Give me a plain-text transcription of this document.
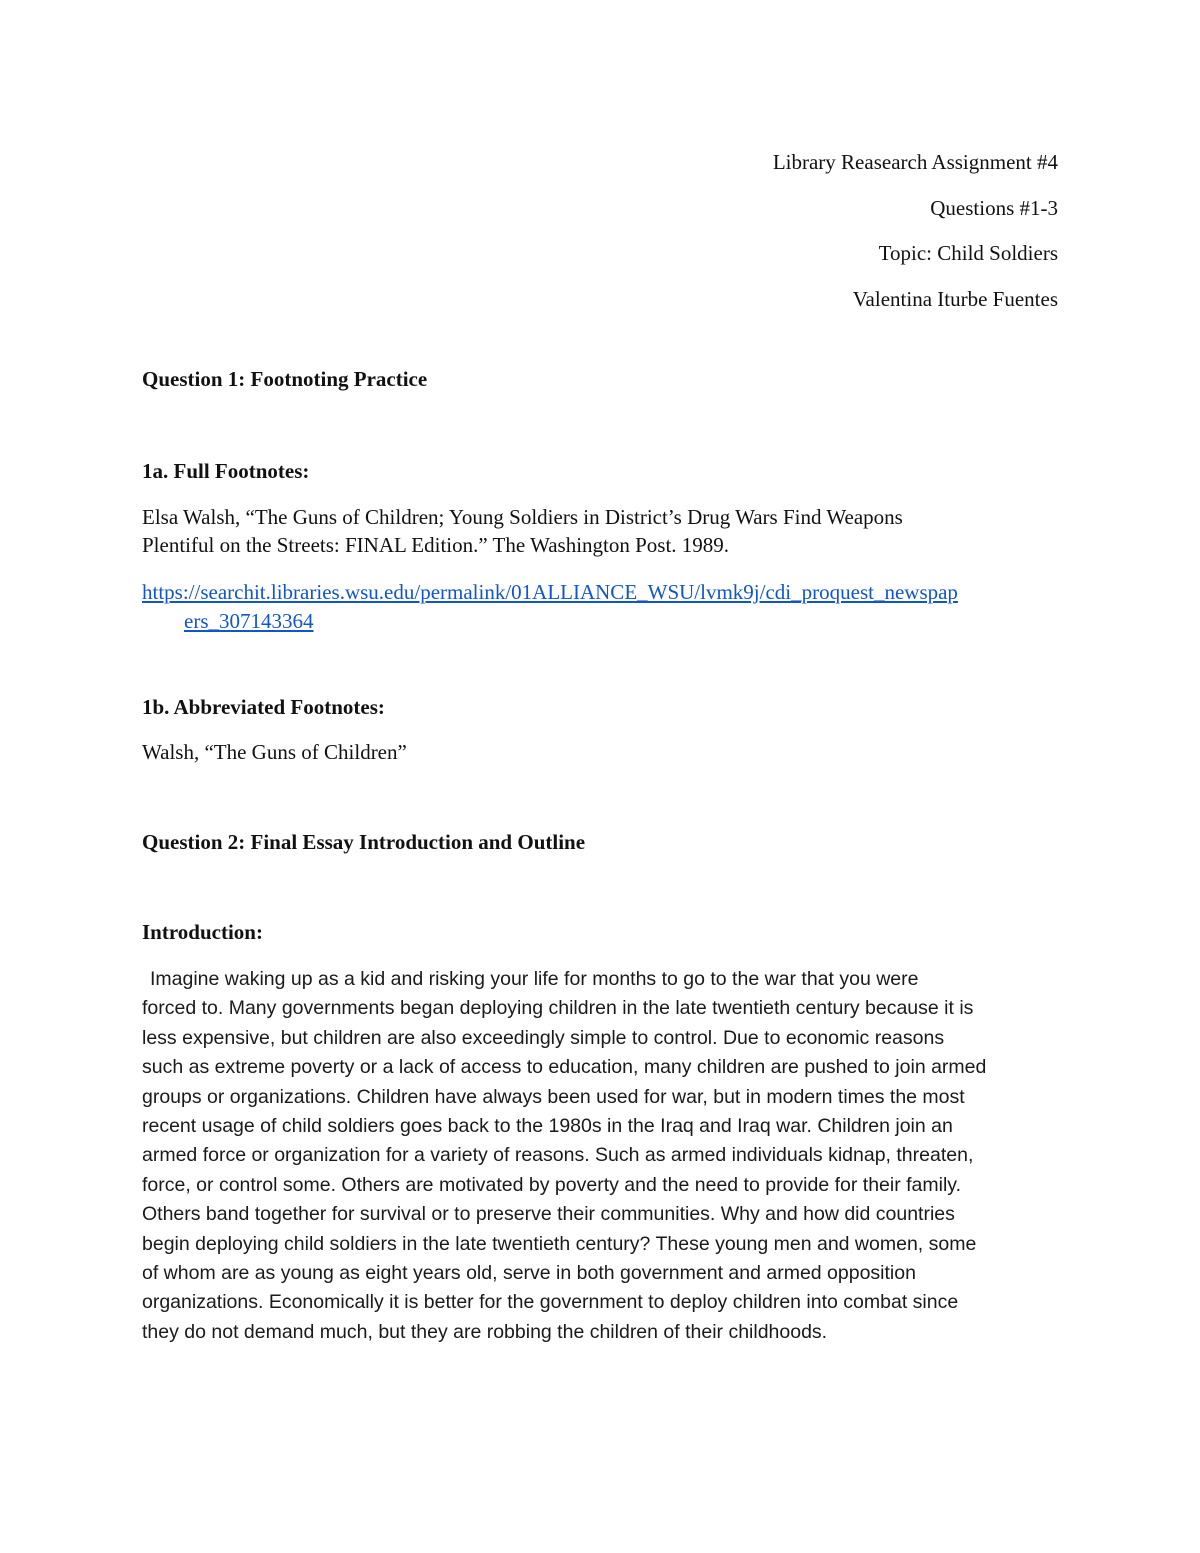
Library Reasearch Assignment #4
Questions #1-3
Topic: Child Soldiers
Valentina Iturbe Fuentes
Question 1: Footnoting Practice
1a. Full Footnotes:
Elsa Walsh, “The Guns of Children; Young Soldiers in District’s Drug Wars Find Weapons
Plentiful on the Streets: FINAL Edition.” The Washington Post. 1989.
https://searchit.libraries.wsu.edu/permalink/01ALLIANCE_WSU/lvmk9j/cdi_proquest_newspap
ers_307143364
1b. Abbreviated Footnotes:
Walsh, “The Guns of Children”
Question 2: Final Essay Introduction and Outline
Introduction:
Imagine waking up as a kid and risking your life for months to go to the war that you were
forced to. Many governments began deploying children in the late twentieth century because it is
less expensive, but children are also exceedingly simple to control. Due to economic reasons
such as extreme poverty or a lack of access to education, many children are pushed to join armed
groups or organizations. Children have always been used for war, but in modern times the most
recent usage of child soldiers goes back to the 1980s in the Iraq and Iraq war. Children join an
armed force or organization for a variety of reasons. Such as armed individuals kidnap, threaten,
force, or control some. Others are motivated by poverty and the need to provide for their family.
Others band together for survival or to preserve their communities. Why and how did countries
begin deploying child soldiers in the late twentieth century? These young men and women, some
of whom are as young as eight years old, serve in both government and armed opposition
organizations. Economically it is better for the government to deploy children into combat since
they do not demand much, but they are robbing the children of their childhoods.
